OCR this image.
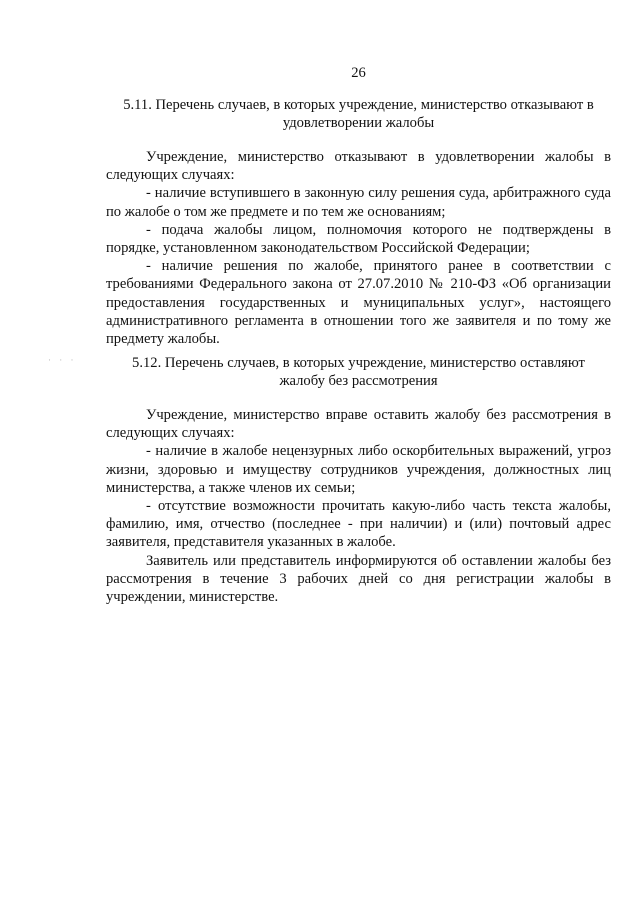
· · ·
26
5.11. Перечень случаев, в которых учреждение, министерство отказывают в
удовлетворении жалобы

Учреждение, министерство отказывают в удовлетворении жалобы в следующих случаях:

- наличие вступившего в законную силу решения суда, арбитражного суда по жалобе о том же предмете и по тем же основаниям;

- подача жалобы лицом, полномочия которого не подтверждены в порядке, установленном законодательством Российской Федерации;

- наличие решения по жалобе, принятого ранее в соответствии с требованиями Федерального закона от 27.07.2010 № 210-ФЗ «Об организации предоставления государственных и муниципальных услуг», настоящего административного регламента в отношении того же заявителя и по тому же предмету жалобы.

5.12. Перечень случаев, в которых учреждение, министерство оставляют
жалобу без рассмотрения

Учреждение, министерство вправе оставить жалобу без рассмотрения в следующих случаях:

- наличие в жалобе нецензурных либо оскорбительных выражений, угроз жизни, здоровью и имуществу сотрудников учреждения, должностных лиц министерства, а также членов их семьи;

- отсутствие возможности прочитать какую-либо часть текста жалобы, фамилию, имя, отчество (последнее - при наличии) и (или) почтовый адрес заявителя, представителя указанных в жалобе.

Заявитель или представитель информируются об оставлении жалобы без рассмотрения в течение 3 рабочих дней со дня регистрации жалобы в учреждении, министерстве.
